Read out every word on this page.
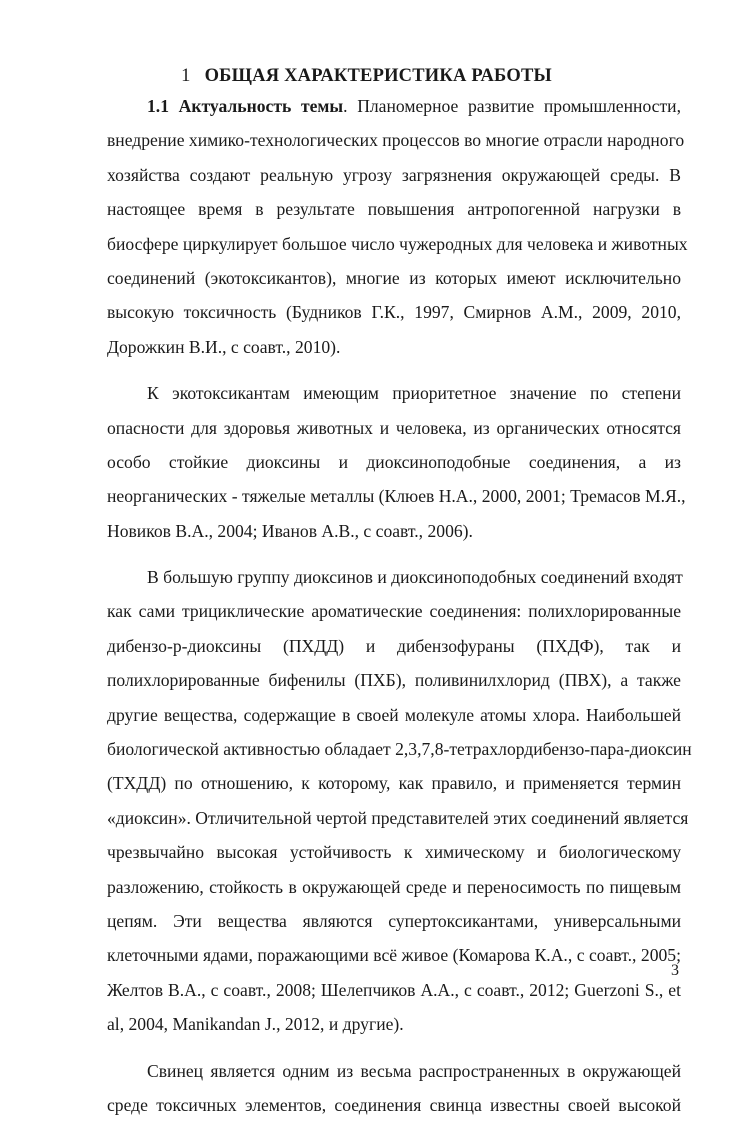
1 ОБЩАЯ ХАРАКТЕРИСТИКА РАБОТЫ
1.1 Актуальность темы. Планомерное развитие промышленности,
внедрение химико-технологических процессов во многие отрасли народного
хозяйства создают реальную угрозу загрязнения окружающей среды. В
настоящее время в результате повышения антропогенной нагрузки в
биосфере циркулирует большое число чужеродных для человека и животных
соединений (экотоксикантов), многие из которых имеют исключительно
высокую токсичность (Будников Г.К., 1997, Смирнов А.М., 2009, 2010,
Дорожкин В.И., с соавт., 2010).
К экотоксикантам имеющим приоритетное значение по степени
опасности для здоровья животных и человека, из органических относятся
особо стойкие диоксины и диоксиноподобные соединения, а из
неорганических - тяжелые металлы (Клюев Н.А., 2000, 2001; Тремасов М.Я.,
Новиков В.А., 2004; Иванов А.В., с соавт., 2006).
В большую группу диоксинов и диоксиноподобных соединений входят
как сами трициклические ароматические соединения: полихлорированные
дибензо-р-диоксины (ПХДД) и дибензофураны (ПХДФ), так и
полихлорированные бифенилы (ПХБ), поливинилхлорид (ПВХ), а также
другие вещества, содержащие в своей молекуле атомы хлора. Наибольшей
биологической активностью обладает 2,3,7,8-тетрахлордибензо-пара-диоксин
(ТХДД) по отношению, к которому, как правило, и применяется термин
«диоксин». Отличительной чертой представителей этих соединений является
чрезвычайно высокая устойчивость к химическому и биологическому
разложению, стойкость в окружающей среде и переносимость по пищевым
цепям. Эти вещества являются супертоксикантами, универсальными
клеточными ядами, поражающими всё живое (Комарова К.А., с соавт., 2005;
Желтов В.А., с соавт., 2008; Шелепчиков А.А., с соавт., 2012; Guerzoni S., et
al, 2004, Manikandan J., 2012, и другие).
Свинец является одним из весьма распространенных в окружающей
среде токсичных элементов, соединения свинца известны своей высокой
3
